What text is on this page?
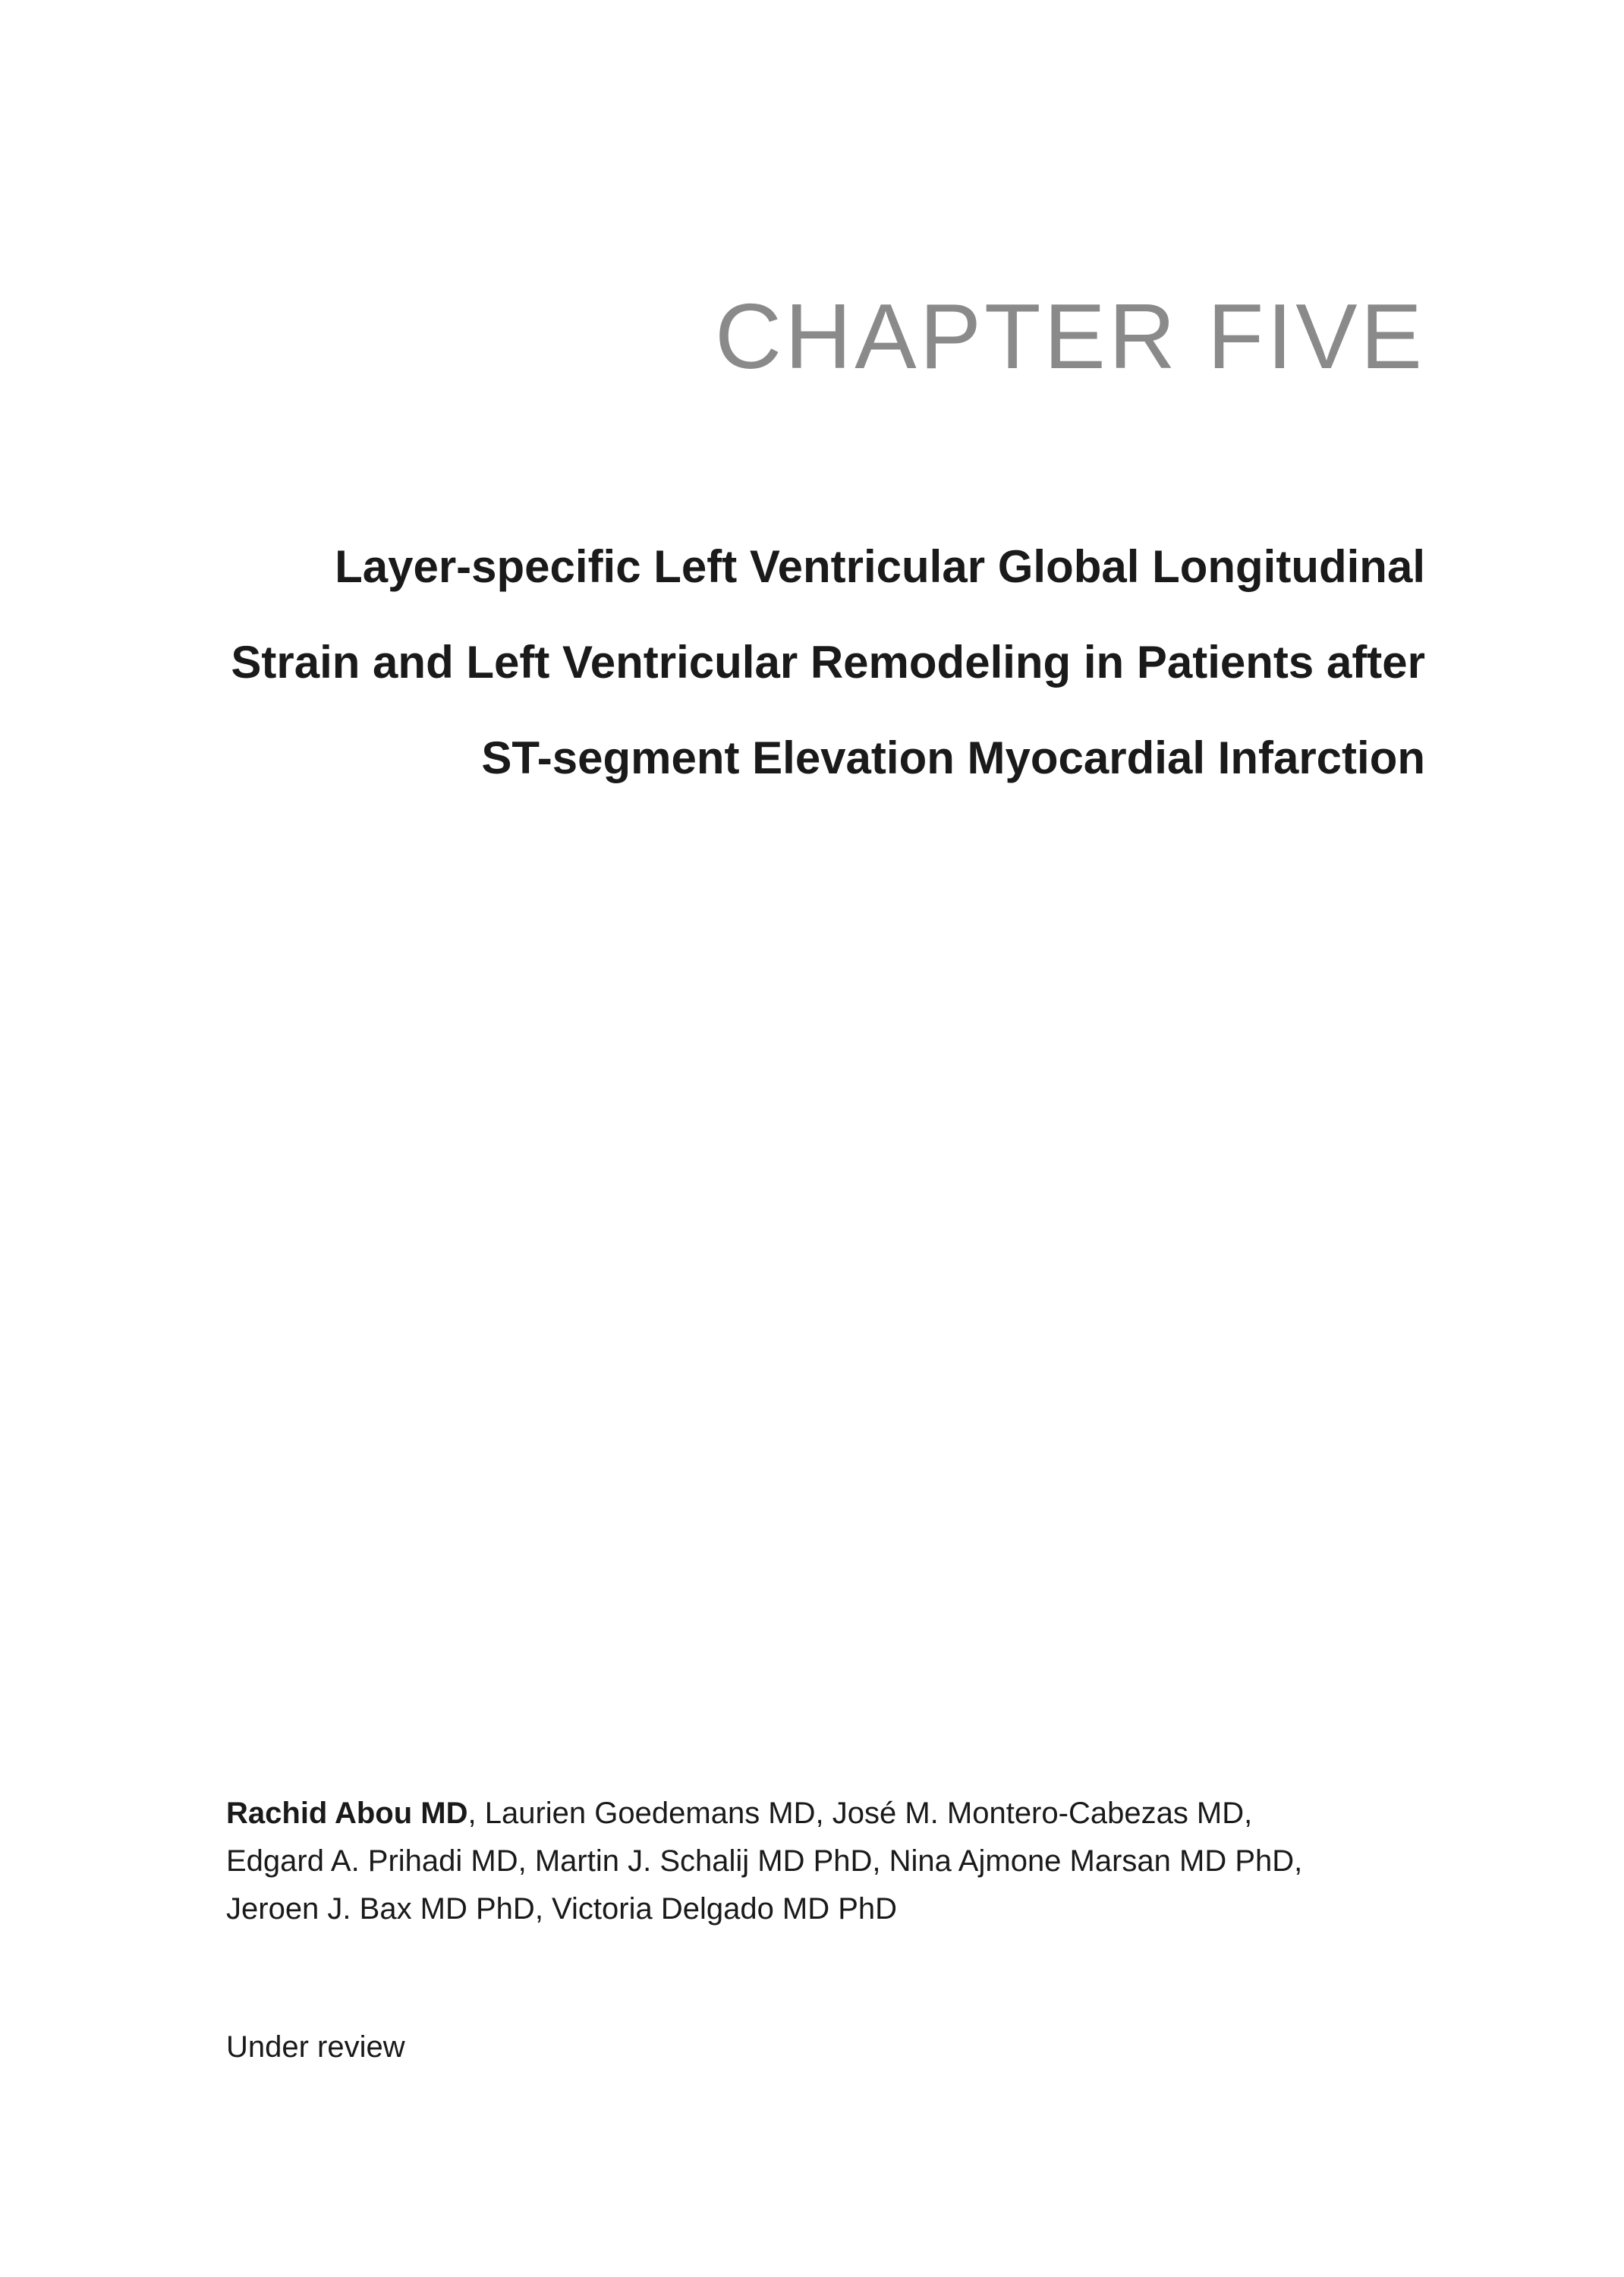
CHAPTER FIVE
Layer-specific Left Ventricular Global Longitudinal
Strain and Left Ventricular Remodeling in Patients after
ST-segment Elevation Myocardial Infarction

Rachid Abou MD, Laurien Goedemans MD, José M. Montero-Cabezas MD,
Edgard A. Prihadi MD, Martin J. Schalij MD PhD, Nina Ajmone Marsan MD PhD,
Jeroen J. Bax MD PhD, Victoria Delgado MD PhD

Under review
